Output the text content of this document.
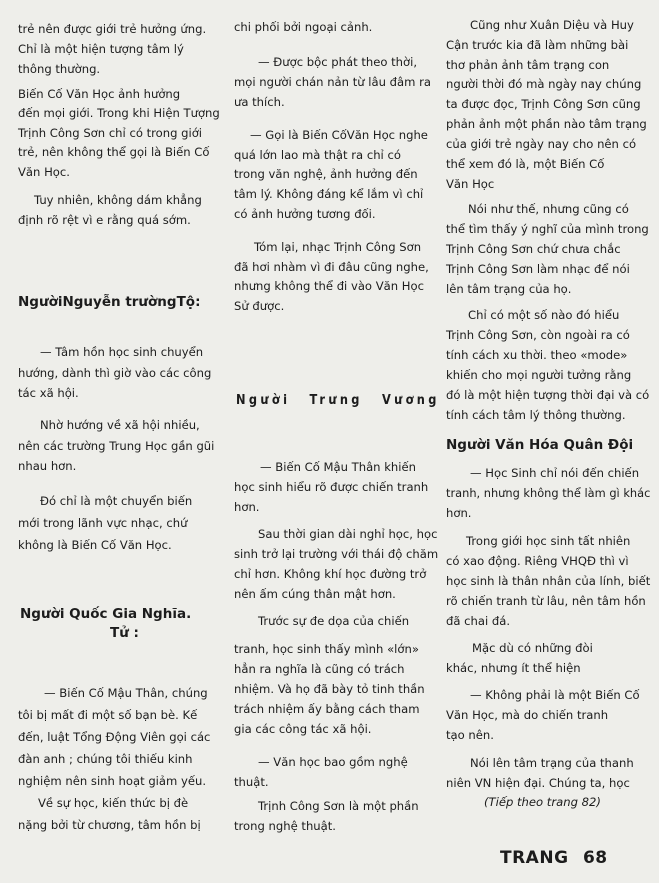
trẻ nên được giới trẻ hưởng ứng.
Chỉ là một hiện tượng tâm lý
thông thường.
Biến Cố Văn Học ảnh hưởng
đến mọi giới. Trong khi Hiện Tượng
Trịnh Công Sơn chỉ có trong giới
trẻ, nên không thể gọi là Biến Cố
Văn Học.
Tuy nhiên, không dám khẳng
định rõ rệt vì e rằng quá sớm.
NgườiNguyễn trườngTộ:
— Tâm hồn học sinh chuyển
hướng, dành thì giờ vào các công
tác xã hội.
Nhờ hướng về xã hội nhiều,
nên các trường Trung Học gần gũi
nhau hơn.
Đó chỉ là một chuyển biến
mới trong lãnh vực nhạc, chứ
không là Biến Cố Văn Học.
Người Quốc Gia Nghĩa.
Tử :
— Biến Cố Mậu Thân, chúng
tôi bị mất đi một số bạn bè. Kế
đến, luật Tổng Động Viên gọi các
đàn anh ; chúng tôi thiếu kinh
nghiệm nên sinh hoạt giảm yếu.
Về sự học, kiến thức bị đè
nặng bởi từ chương, tâm hồn bị
chi phối bởi ngoại cảnh.
— Được bộc phát theo thời,
mọi người chán nản từ lâu đâm ra
ưa thích.
— Gọi là Biến CốVăn Học nghe
quá lớn lao mà thật ra chỉ có
trong văn nghệ, ảnh hưởng đến
tâm lý. Không đáng kể lắm vì chỉ
có ảnh hưởng tương đối.
Tóm lại, nhạc Trịnh Công Sơn
đã hơi nhàm vì đi đâu cũng nghe,
nhưng không thể đi vào Văn Học
Sử được.
Người Trưng Vương
— Biến Cố Mậu Thân khiến
học sinh hiểu rõ được chiến tranh
hơn.
Sau thời gian dài nghỉ học, học
sinh trở lại trường với thái độ chăm
chỉ hơn. Không khí học đường trở
nên ấm cúng thân mật hơn.
Trước sự đe dọa của chiến
tranh, học sinh thấy mình «lớn»
hẳn ra nghĩa là cũng có trách
nhiệm. Và họ đã bày tỏ tinh thần
trách nhiệm ấy bằng cách tham
gia các công tác xã hội.
— Văn học bao gồm nghệ
thuật.
Trịnh Công Sơn là một phần
trong nghệ thuật.
Cũng như Xuân Diệu và Huy
Cận trước kia đã làm những bài
thơ phản ảnh tâm trạng con
người thời đó mà ngày nay chúng
ta được đọc, Trịnh Công Sơn cũng
phản ảnh một phần nào tâm trạng
của giới trẻ ngày nay cho nên có
thể xem đó là, một Biến Cố
Văn Học
Nói như thế, nhưng cũng có
thể tìm thấy ý nghĩ của mình trong
Trịnh Công Sơn chứ chưa chắc
Trịnh Công Sơn làm nhạc để nói
lên tâm trạng của họ.
Chỉ có một số nào đó hiểu
Trịnh Công Sơn, còn ngoài ra có
tính cách xu thời. theo «mode»
khiến cho mọi người tưởng rằng
đó là một hiện tượng thời đại và có
tính cách tâm lý thông thường.
Người Văn Hóa Quân Đội
— Học Sinh chỉ nói đến chiến
tranh, nhưng không thể làm gì khác
hơn.
Trong giới học sinh tất nhiên
có xao động. Riêng VHQĐ thì vì
học sinh là thân nhân của lính, biết
rõ chiến tranh từ lâu, nên tâm hồn
đã chai đá.
Mặc dù có những đòi
khác, nhưng ít thể hiện
— Không phải là một Biến Cố
Văn Học, mà do chiến tranh
tạo nên.
Nói lên tâm trạng của thanh
niên VN hiện đại. Chúng ta, học
(Tiếp theo trang 82)
TRANG 68
